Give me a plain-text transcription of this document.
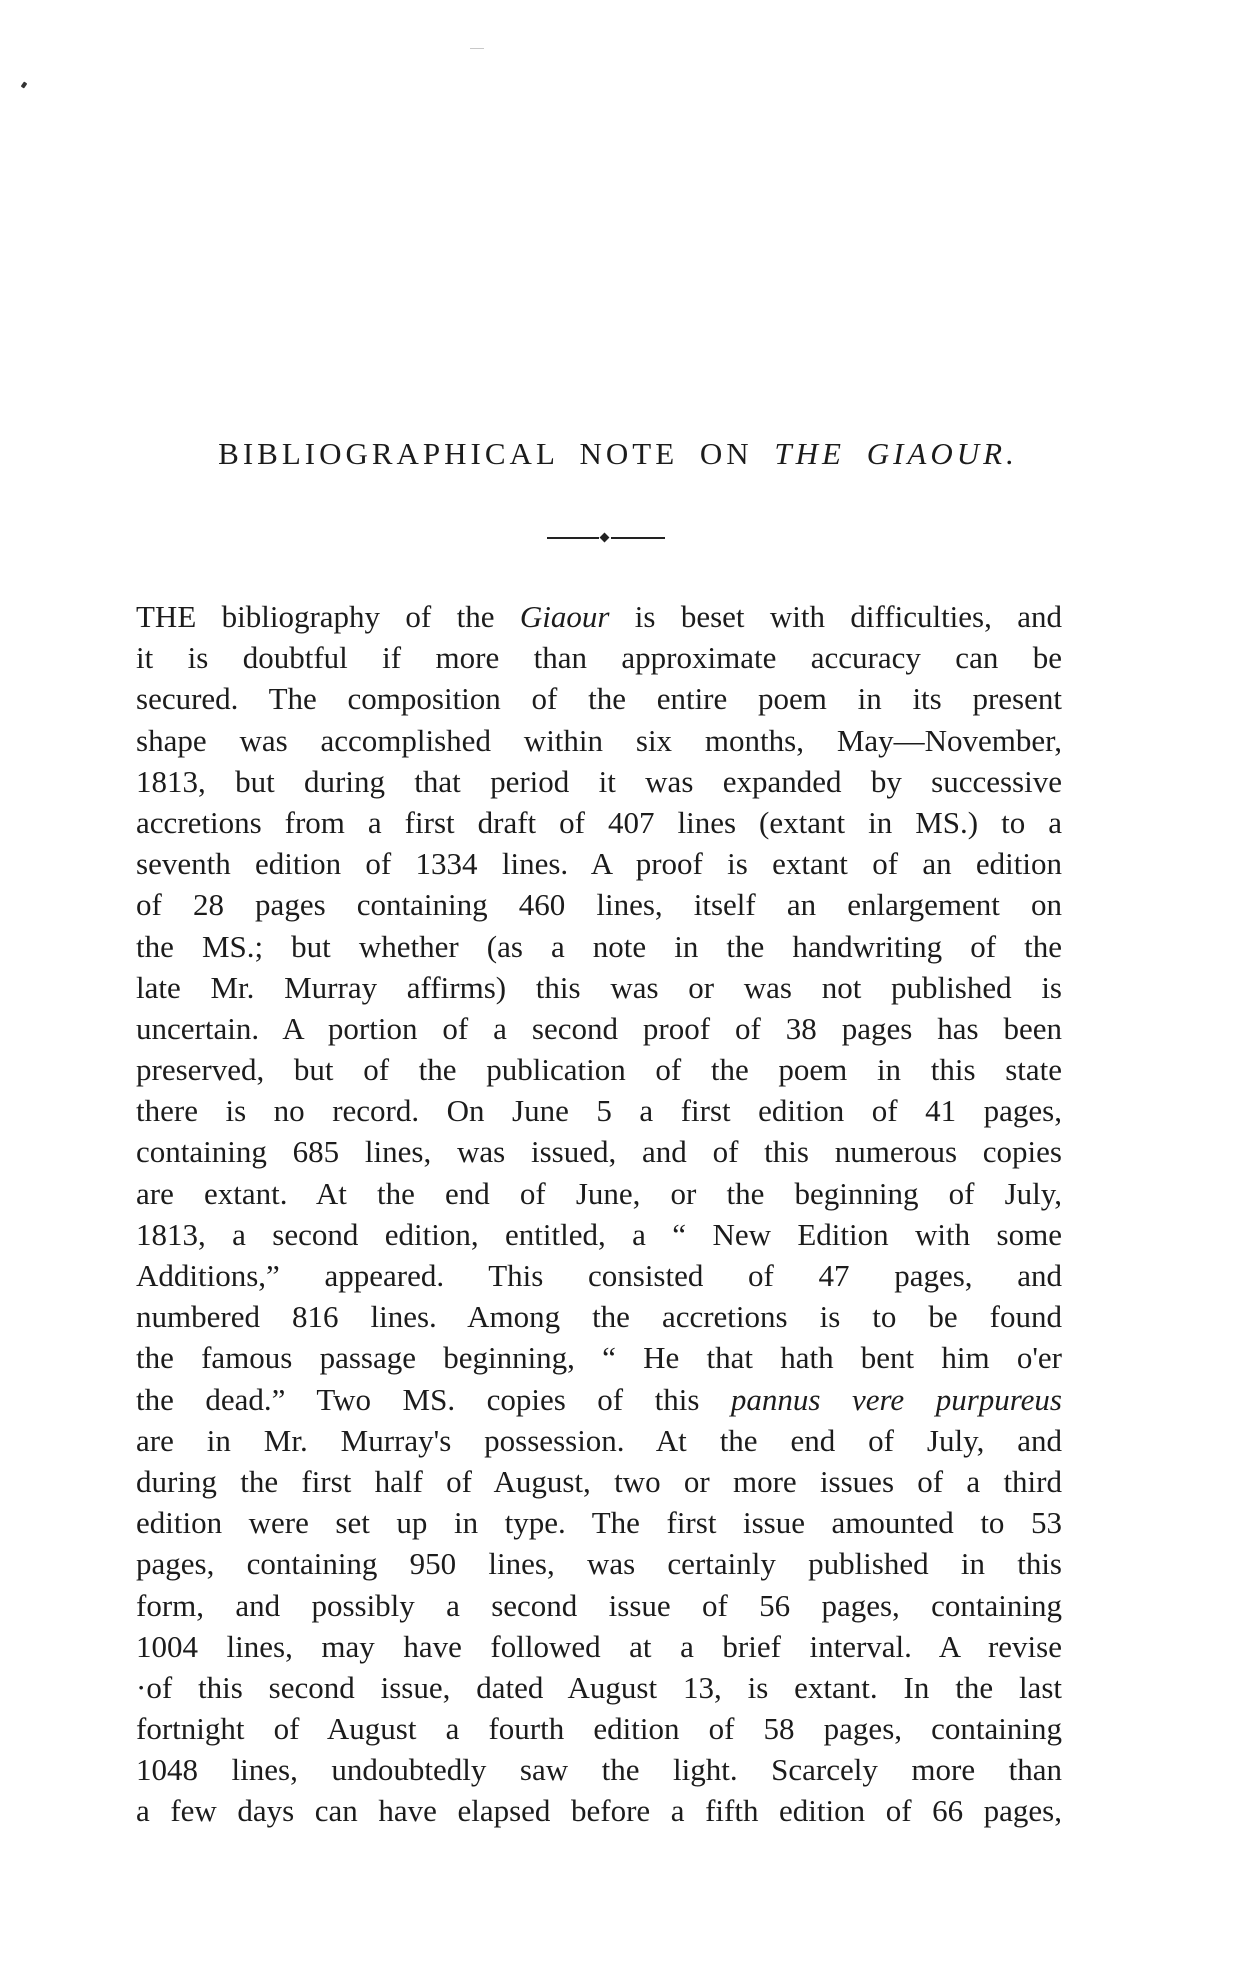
BIBLIOGRAPHICAL NOTE ON THE GIAOUR.
THE bibliography of the Giaour is beset with difficulties, and
it is doubtful if more than approximate accuracy can be
secured. The composition of the entire poem in its present
shape was accomplished within six months, May—November,
1813, but during that period it was expanded by successive
accretions from a first draft of 407 lines (extant in MS.) to a
seventh edition of 1334 lines. A proof is extant of an edition
of 28 pages containing 460 lines, itself an enlargement on
the MS.; but whether (as a note in the handwriting of the
late Mr. Murray affirms) this was or was not published is
uncertain. A portion of a second proof of 38 pages has been
preserved, but of the publication of the poem in this state
there is no record. On June 5 a first edition of 41 pages,
containing 685 lines, was issued, and of this numerous copies
are extant. At the end of June, or the beginning of July,
1813, a second edition, entitled, a “ New Edition with some
Additions,” appeared. This consisted of 47 pages, and
numbered 816 lines. Among the accretions is to be found
the famous passage beginning, “ He that hath bent him o'er
the dead.” Two MS. copies of this pannus vere purpureus
are in Mr. Murray's possession. At the end of July, and
during the first half of August, two or more issues of a third
edition were set up in type. The first issue amounted to 53
pages, containing 950 lines, was certainly published in this
form, and possibly a second issue of 56 pages, containing
1004 lines, may have followed at a brief interval. A revise
·of this second issue, dated August 13, is extant. In the last
fortnight of August a fourth edition of 58 pages, containing
1048 lines, undoubtedly saw the light. Scarcely more than
a few days can have elapsed before a fifth edition of 66 pages,
